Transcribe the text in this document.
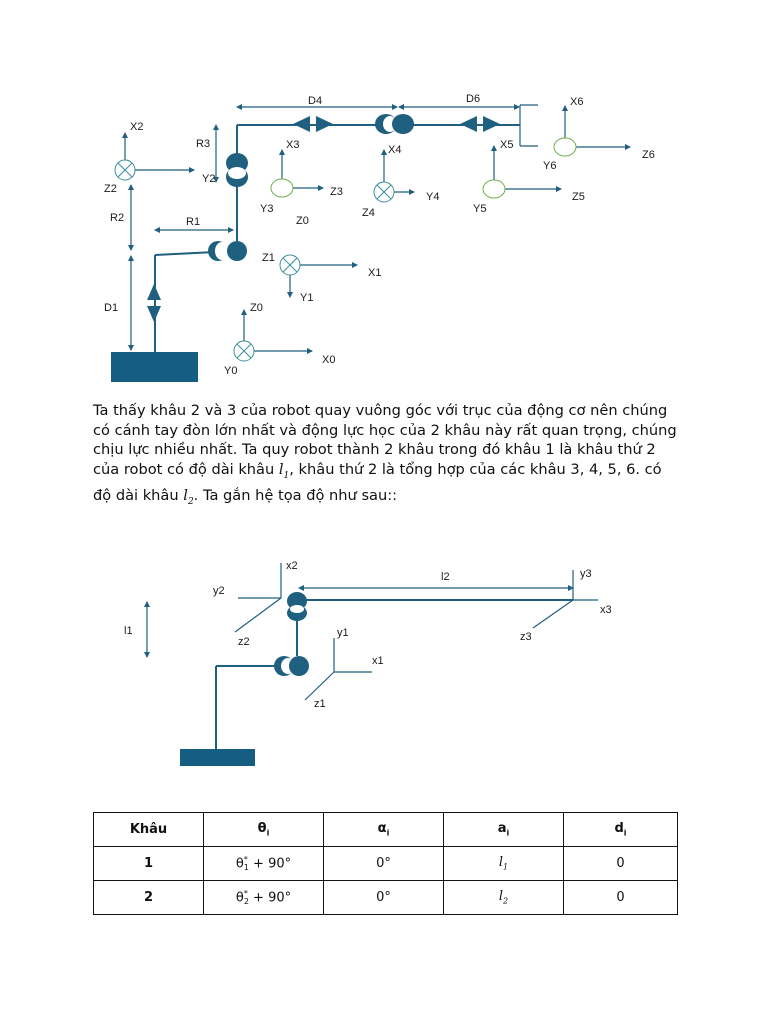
X2
Z2
R3
Y2
R2	R1
D1
D4	D6
X3
Z3
Y3
Z0
X4
Y4
Z4
X5
Z5
Y5
X6
Y6
Z6
Z1
X1
Y1
Z0
X0
Y0
Ta thấy khâu 2 và 3 của robot quay vuông góc với trục của động cơ nên chúng có cánh tay đòn lớn nhất và động lực học của 2 khâu này rất quan trọng, chúng chịu lực nhiều nhất. Ta quy robot thành 2 khâu trong đó khâu 1 là khâu thứ 2 của robot có độ dài khâu $l_1$, khâu thứ 2 là tổng hợp của các khâu 3, 4, 5, 6. có độ dài khâu $l_2$. Ta gắn hệ tọa độ như sau::
l1
x2
y2
z2
l2	y3
x3
z3
y1
x1
z1
Khâu	$\theta_i$	$\alpha_i$	$a_i$	$d_i$
1	$\theta^*_1 + 90^\circ$	0°	$l_1$	0
2	$\theta^*_2 + 90^\circ$	0°	$l_2$	0
